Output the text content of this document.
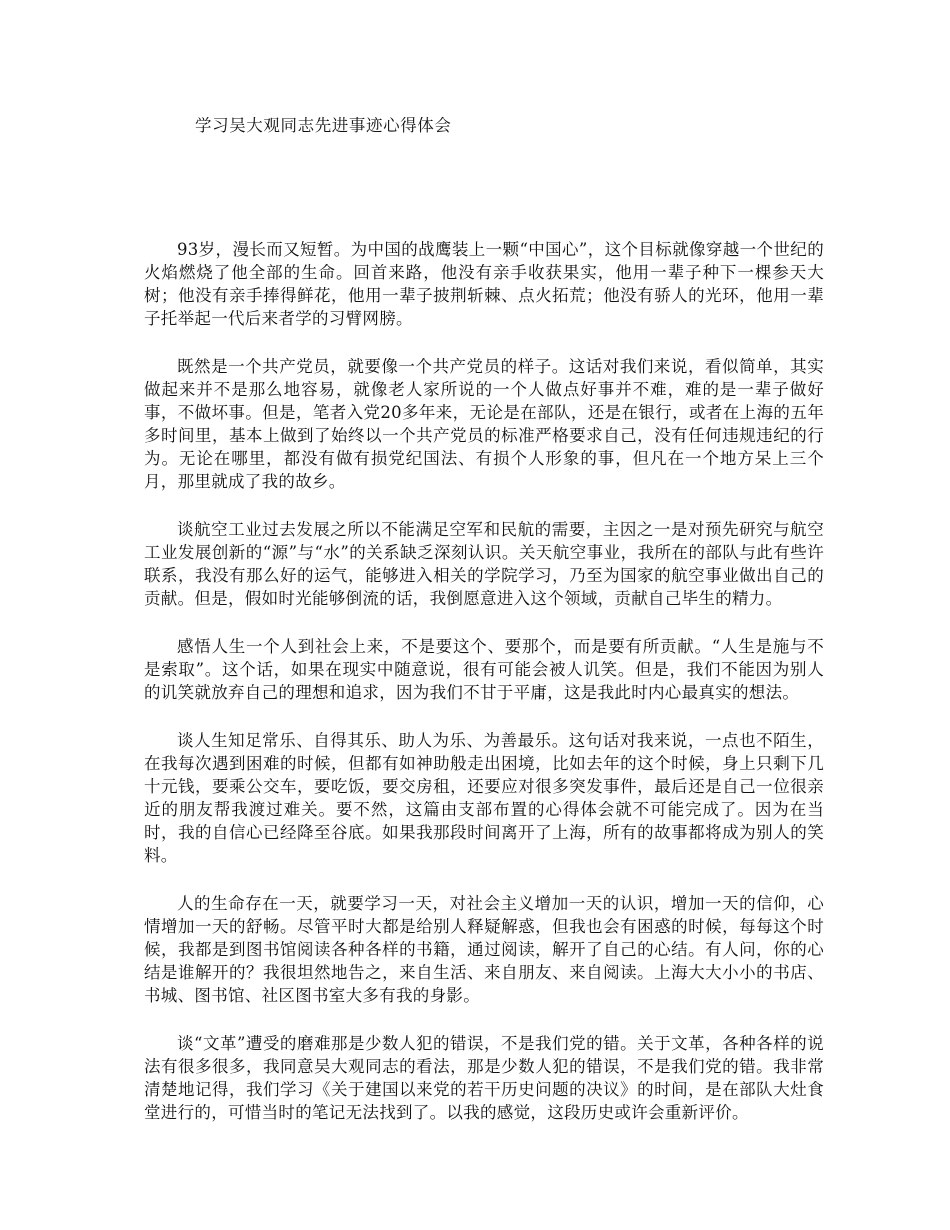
学习吴大观同志先进事迹心得体会

93岁，漫长而又短暂。为中国的战鹰装上一颗“中国心”，这个目标就像穿越一个世纪的火焰燃烧了他全部的生命。回首来路，他没有亲手收获果实，他用一辈子种下一棵参天大树；他没有亲手捧得鲜花，他用一辈子披荆斩棘、点火拓荒；他没有骄人的光环，他用一辈子托举起一代后来者学的习臂网膀。

既然是一个共产党员，就要像一个共产党员的样子。这话对我们来说，看似简单，其实做起来并不是那么地容易，就像老人家所说的一个人做点好事并不难，难的是一辈子做好事，不做坏事。但是，笔者入党20多年来，无论是在部队，还是在银行，或者在上海的五年多时间里，基本上做到了始终以一个共产党员的标准严格要求自己，没有任何违规违纪的行为。无论在哪里，都没有做有损党纪国法、有损个人形象的事，但凡在一个地方呆上三个月，那里就成了我的故乡。

谈航空工业过去发展之所以不能满足空军和民航的需要，主因之一是对预先研究与航空工业发展创新的“源”与“水”的关系缺乏深刻认识。关天航空事业，我所在的部队与此有些许联系，我没有那么好的运气，能够进入相关的学院学习，乃至为国家的航空事业做出自己的贡献。但是，假如时光能够倒流的话，我倒愿意进入这个领域，贡献自己毕生的精力。

感悟人生一个人到社会上来，不是要这个、要那个，而是要有所贡献。“人生是施与不是索取”。这个话，如果在现实中随意说，很有可能会被人讥笑。但是，我们不能因为别人的讥笑就放弃自己的理想和追求，因为我们不甘于平庸，这是我此时内心最真实的想法。

谈人生知足常乐、自得其乐、助人为乐、为善最乐。这句话对我来说，一点也不陌生，在我每次遇到困难的时候，但都有如神助般走出困境，比如去年的这个时候，身上只剩下几十元钱，要乘公交车，要吃饭，要交房租，还要应对很多突发事件，最后还是自己一位很亲近的朋友帮我渡过难关。要不然，这篇由支部布置的心得体会就不可能完成了。因为在当时，我的自信心已经降至谷底。如果我那段时间离开了上海，所有的故事都将成为别人的笑料。

人的生命存在一天，就要学习一天，对社会主义增加一天的认识，增加一天的信仰，心情增加一天的舒畅。尽管平时大都是给别人释疑解惑，但我也会有困惑的时候，每每这个时候，我都是到图书馆阅读各种各样的书籍，通过阅读，解开了自己的心结。有人问，你的心结是谁解开的？我很坦然地告之，来自生活、来自朋友、来自阅读。上海大大小小的书店、书城、图书馆、社区图书室大多有我的身影。

谈“文革”遭受的磨难那是少数人犯的错误，不是我们党的错。关于文革，各种各样的说法有很多很多，我同意吴大观同志的看法，那是少数人犯的错误，不是我们党的错。我非常清楚地记得，我们学习《关于建国以来党的若干历史问题的决议》的时间，是在部队大灶食堂进行的，可惜当时的笔记无法找到了。以我的感觉，这段历史或许会重新评价。
